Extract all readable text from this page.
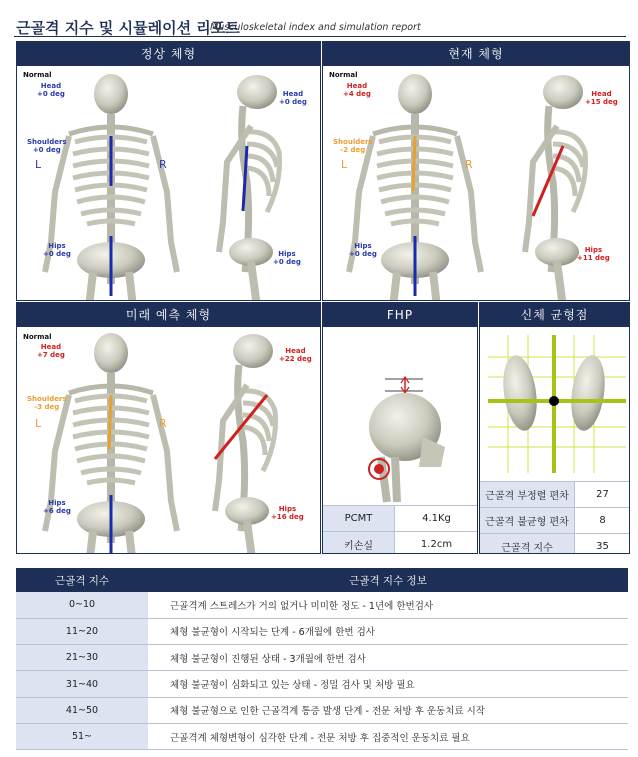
근골격 지수 및 시뮬레이션 리포트
Musculoskeletal index and simulation report
정상 체형
Normal
Head
+0 deg
Shoulders
+0 deg
Hips
+0 deg
Head
+0 deg
Hips
+0 deg
L	R
현재 체형
Normal
Head
+4 deg
Shoulders
-2 deg
Hips
+0 deg
Head
+15 deg
Hips
+11 deg
L	R
미래 예측 체형
Normal
Head
+7 deg
Shoulders
-3 deg
Hips
+6 deg
Head
+22 deg
Hips
+16 deg
L	R
FHP
PCMT	4.1Kg
키손실	1.2cm
신체 균형점
근골격 부정렬 편차	27
근골격 불균형 편차	8
근골격 지수	35
근골격 지수	근골격 지수 정보
0~10	근골격계 스트레스가 거의 없거나 미미한 정도 - 1년에 한번검사
11~20	체형 불균형이 시작되는 단계 - 6개월에 한번 검사
21~30	체형 불균형이 진행된 상태 - 3개월에 한번 검사
31~40	체형 불균형이 심화되고 있는 상태 - 정밀 검사 및 처방 필요
41~50	체형 불균형으로 인한 근골격계 통증 발생 단계 - 전문 처방 후 운동치료 시작
51~	근골격계 체형변형이 심각한 단계 - 전문 처방 후 집중적인 운동치료 필요
